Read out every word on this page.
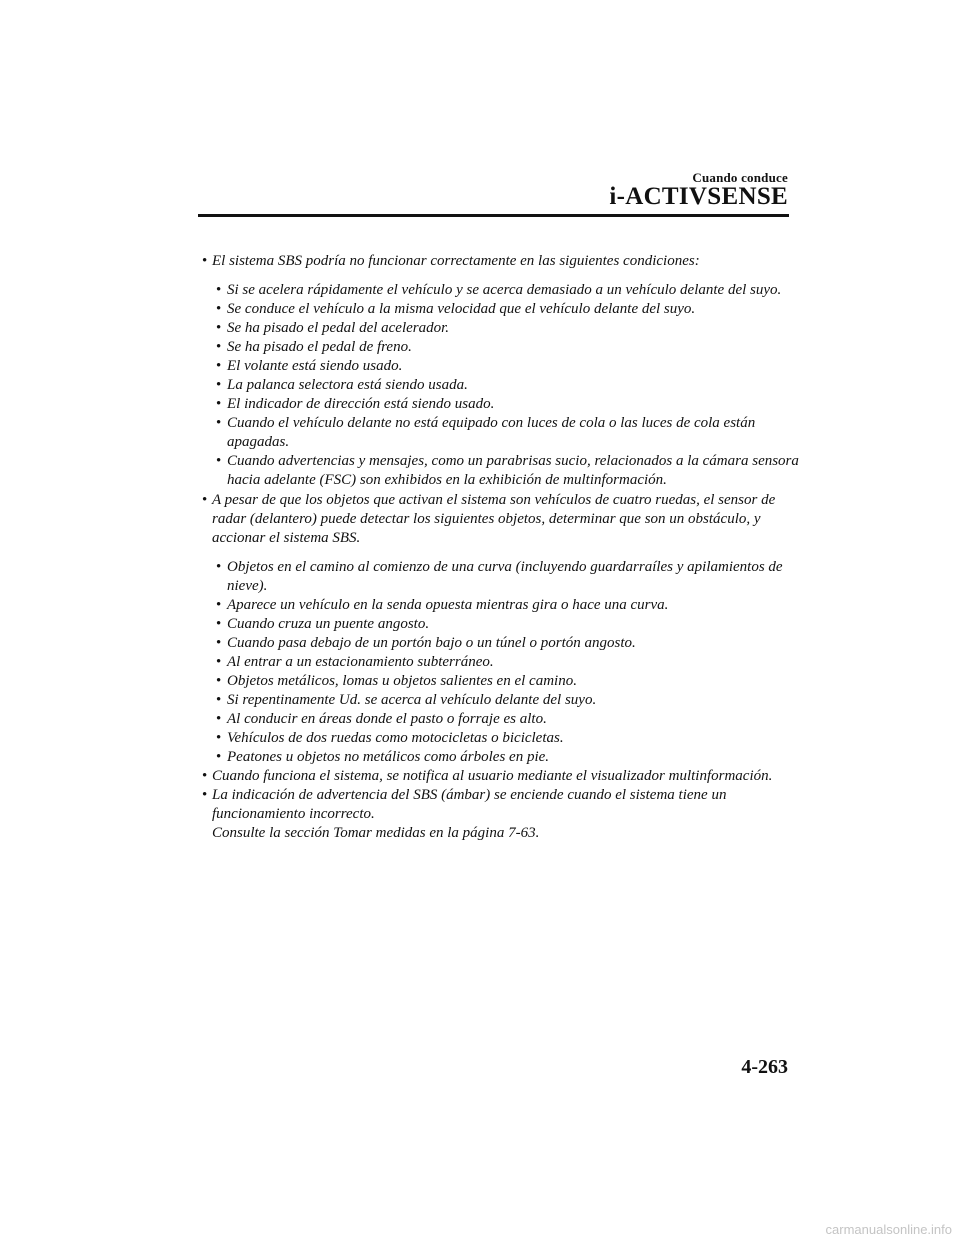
Cuando conduce
i-ACTIVSENSE
• El sistema SBS podría no funcionar correctamente en las siguientes condiciones:
• Si se acelera rápidamente el vehículo y se acerca demasiado a un vehículo delante del suyo.
• Se conduce el vehículo a la misma velocidad que el vehículo delante del suyo.
• Se ha pisado el pedal del acelerador.
• Se ha pisado el pedal de freno.
• El volante está siendo usado.
• La palanca selectora está siendo usada.
• El indicador de dirección está siendo usado.
• Cuando el vehículo delante no está equipado con luces de cola o las luces de cola están apagadas.
• Cuando advertencias y mensajes, como un parabrisas sucio, relacionados a la cámara sensora hacia adelante (FSC) son exhibidos en la exhibición de multinformación.
• A pesar de que los objetos que activan el sistema son vehículos de cuatro ruedas, el sensor de radar (delantero) puede detectar los siguientes objetos, determinar que son un obstáculo, y accionar el sistema SBS.
• Objetos en el camino al comienzo de una curva (incluyendo guardarraíles y apilamientos de nieve).
• Aparece un vehículo en la senda opuesta mientras gira o hace una curva.
• Cuando cruza un puente angosto.
• Cuando pasa debajo de un portón bajo o un túnel o portón angosto.
• Al entrar a un estacionamiento subterráneo.
• Objetos metálicos, lomas u objetos salientes en el camino.
• Si repentinamente Ud. se acerca al vehículo delante del suyo.
• Al conducir en áreas donde el pasto o forraje es alto.
• Vehículos de dos ruedas como motocicletas o bicicletas.
• Peatones u objetos no metálicos como árboles en pie.
• Cuando funciona el sistema, se notifica al usuario mediante el visualizador multinformación.
• La indicación de advertencia del SBS (ámbar) se enciende cuando el sistema tiene un funcionamiento incorrecto.
Consulte la sección Tomar medidas en la página 7-63.
4-263
carmanualsonline.info
